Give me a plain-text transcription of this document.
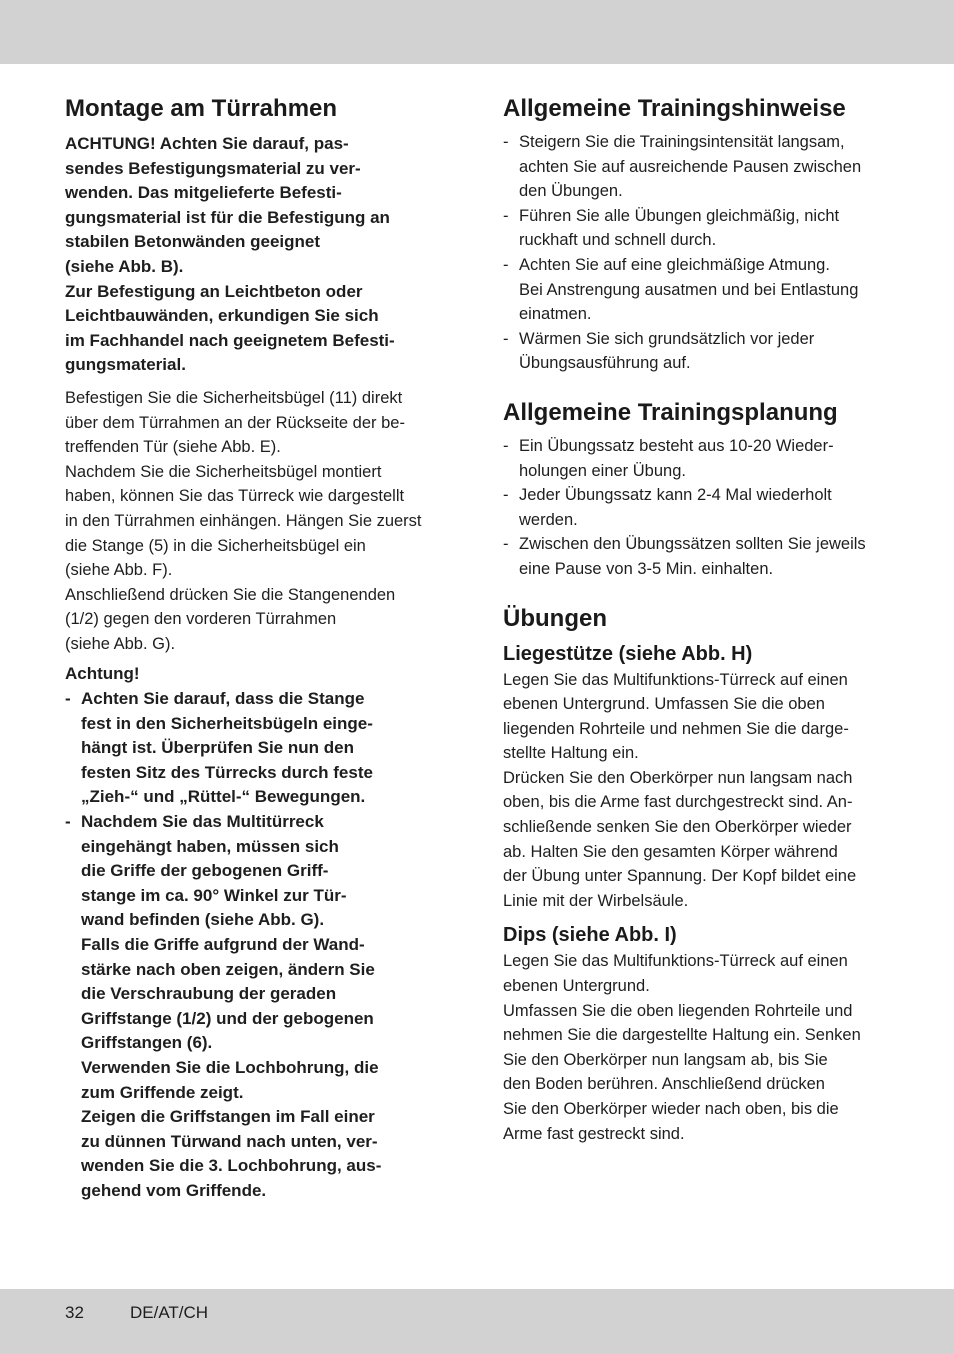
Montage am Türrahmen
ACHTUNG! Achten Sie darauf, pas-
sendes Befestigungsmaterial zu ver-
wenden. Das mitgelieferte Befesti-
gungsmaterial ist für die Befestigung an
stabilen Betonwänden geeignet
(siehe Abb. B).
Zur Befestigung an Leichtbeton oder
Leichtbauwänden, erkundigen Sie sich
im Fachhandel nach geeignetem Befesti-
gungsmaterial.
Befestigen Sie die Sicherheitsbügel (11) direkt
über dem Türrahmen an der Rückseite der be-
treffenden Tür (siehe Abb. E).
Nachdem Sie die Sicherheitsbügel montiert
haben, können Sie das Türreck wie dargestellt
in den Türrahmen einhängen. Hängen Sie zuerst
die Stange (5) in die Sicherheitsbügel ein
(siehe Abb. F).
Anschließend drücken Sie die Stangenenden
(1/2) gegen den vorderen Türrahmen
(siehe Abb. G).
Achtung!
- Achten Sie darauf, dass die Stange
fest in den Sicherheitsbügeln einge-
hängt ist. Überprüfen Sie nun den
festen Sitz des Türrecks durch feste
„Zieh-“ und „Rüttel-“ Bewegungen.
- Nachdem Sie das Multitürreck
eingehängt haben, müssen sich
die Griffe der gebogenen Griff-
stange im ca. 90° Winkel zur Tür-
wand befinden (siehe Abb. G).
Falls die Griffe aufgrund der Wand-
stärke nach oben zeigen, ändern Sie
die Verschraubung der geraden
Griffstange (1/2) und der gebogenen
Griffstangen (6).
Verwenden Sie die Lochbohrung, die
zum Griffende zeigt.
Zeigen die Griffstangen im Fall einer
zu dünnen Türwand nach unten, ver-
wenden Sie die 3. Lochbohrung, aus-
gehend vom Griffende.
Allgemeine Trainingshinweise
- Steigern Sie die Trainingsintensität langsam,
achten Sie auf ausreichende Pausen zwischen
den Übungen.
- Führen Sie alle Übungen gleichmäßig, nicht
ruckhaft und schnell durch.
- Achten Sie auf eine gleichmäßige Atmung.
Bei Anstrengung ausatmen und bei Entlastung
einatmen.
- Wärmen Sie sich grundsätzlich vor jeder
Übungsausführung auf.
Allgemeine Trainingsplanung
- Ein Übungssatz besteht aus 10-20 Wieder-
holungen einer Übung.
- Jeder Übungssatz kann 2-4 Mal wiederholt
werden.
- Zwischen den Übungssätzen sollten Sie jeweils
eine Pause von 3-5 Min. einhalten.
Übungen
Liegestütze (siehe Abb. H)
Legen Sie das Multifunktions-Türreck auf einen
ebenen Untergrund. Umfassen Sie die oben
liegenden Rohrteile und nehmen Sie die darge-
stellte Haltung ein.
Drücken Sie den Oberkörper nun langsam nach
oben, bis die Arme fast durchgestreckt sind. An-
schließende senken Sie den Oberkörper wieder
ab. Halten Sie den gesamten Körper während
der Übung unter Spannung. Der Kopf bildet eine
Linie mit der Wirbelsäule.
Dips (siehe Abb. I)
Legen Sie das Multifunktions-Türreck auf einen
ebenen Untergrund.
Umfassen Sie die oben liegenden Rohrteile und
nehmen Sie die dargestellte Haltung ein. Senken
Sie den Oberkörper nun langsam ab, bis Sie
den Boden berühren. Anschließend drücken
Sie den Oberkörper wieder nach oben, bis die
Arme fast gestreckt sind.
32	DE/AT/CH
